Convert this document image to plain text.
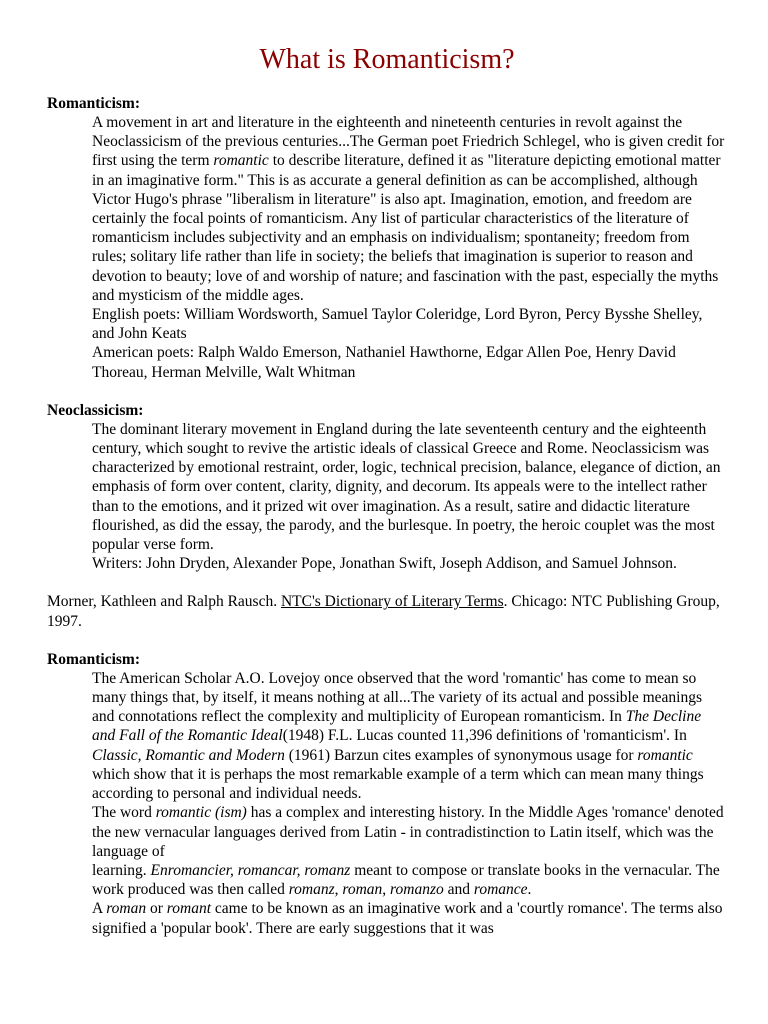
What is Romanticism?
Romanticism:

A movement in art and literature in the eighteenth and nineteenth centuries in revolt against the Neoclassicism of the previous centuries...The German poet Friedrich Schlegel, who is given credit for first using the term romantic to describe literature, defined it as "literature depicting emotional matter in an imaginative form." This is as accurate a general definition as can be accomplished, although Victor Hugo's phrase "liberalism in literature" is also apt. Imagination, emotion, and freedom are certainly the focal points of romanticism. Any list of particular characteristics of the literature of romanticism includes subjectivity and an emphasis on individualism; spontaneity; freedom from rules; solitary life rather than life in society; the beliefs that imagination is superior to reason and devotion to beauty; love of and worship of nature; and fascination with the past, especially the myths and mysticism of the middle ages.

English poets: William Wordsworth, Samuel Taylor Coleridge, Lord Byron, Percy Bysshe Shelley, and John Keats

American poets: Ralph Waldo Emerson, Nathaniel Hawthorne, Edgar Allen Poe, Henry David Thoreau, Herman Melville, Walt Whitman

Neoclassicism:

The dominant literary movement in England during the late seventeenth century and the eighteenth century, which sought to revive the artistic ideals of classical Greece and Rome. Neoclassicism was characterized by emotional restraint, order, logic, technical precision, balance, elegance of diction, an emphasis of form over content, clarity, dignity, and decorum. Its appeals were to the intellect rather than to the emotions, and it prized wit over imagination. As a result, satire and didactic literature flourished, as did the essay, the parody, and the burlesque. In poetry, the heroic couplet was the most popular verse form.

Writers: John Dryden, Alexander Pope, Jonathan Swift, Joseph Addison, and Samuel Johnson.

Morner, Kathleen and Ralph Rausch. NTC's Dictionary of Literary Terms. Chicago: NTC Publishing Group, 1997.

Romanticism:

The American Scholar A.O. Lovejoy once observed that the word 'romantic' has come to mean so many things that, by itself, it means nothing at all...The variety of its actual and possible meanings and connotations reflect the complexity and multiplicity of European romanticism. In The Decline and Fall of the Romantic Ideal(1948) F.L. Lucas counted 11,396 definitions of 'romanticism'. In Classic, Romantic and Modern (1961) Barzun cites examples of synonymous usage for romantic which show that it is perhaps the most remarkable example of a term which can mean many things according to personal and individual needs.

The word romantic (ism) has a complex and interesting history. In the Middle Ages 'romance' denoted the new vernacular languages derived from Latin - in contradistinction to Latin itself, which was the language of

learning. Enromancier, romancar, romanz meant to compose or translate books in the vernacular. The work produced was then called romanz, roman, romanzo and romance.

A roman or romant came to be known as an imaginative work and a 'courtly romance'. The terms also signified a 'popular book'. There are early suggestions that it was
